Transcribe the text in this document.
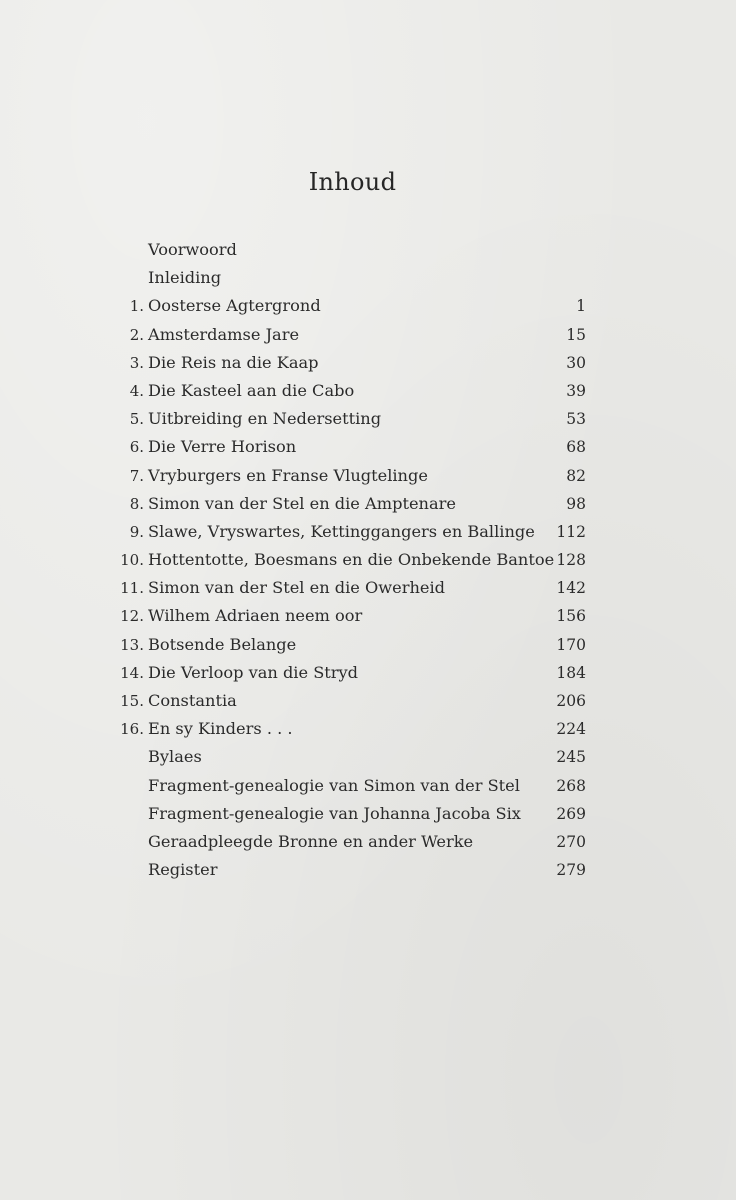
Inhoud
Voorwoord
Inleiding
1. Oosterse Agtergrond	1
2. Amsterdamse Jare	15
3. Die Reis na die Kaap	30
4. Die Kasteel aan die Cabo	39
5. Uitbreiding en Nedersetting	53
6. Die Verre Horison	68
7. Vryburgers en Franse Vlugtelinge	82
8. Simon van der Stel en die Amptenare	98
9. Slawe, Vryswartes, Kettinggangers en Ballinge 112
10. Hottentotte, Boesmans en die Onbekende Bantoe 128
11. Simon van der Stel en die Owerheid	142
12. Wilhem Adriaen neem oor	156
13. Botsende Belange	170
14. Die Verloop van die Stryd	184
15. Constantia	206
16. En sy Kinders . . .	224
Bylaes	245
Fragment-genealogie van Simon van der Stel 268
Fragment-genealogie van Johanna Jacoba Six 269
Geraadpleegde Bronne en ander Werke	270
Register	279
